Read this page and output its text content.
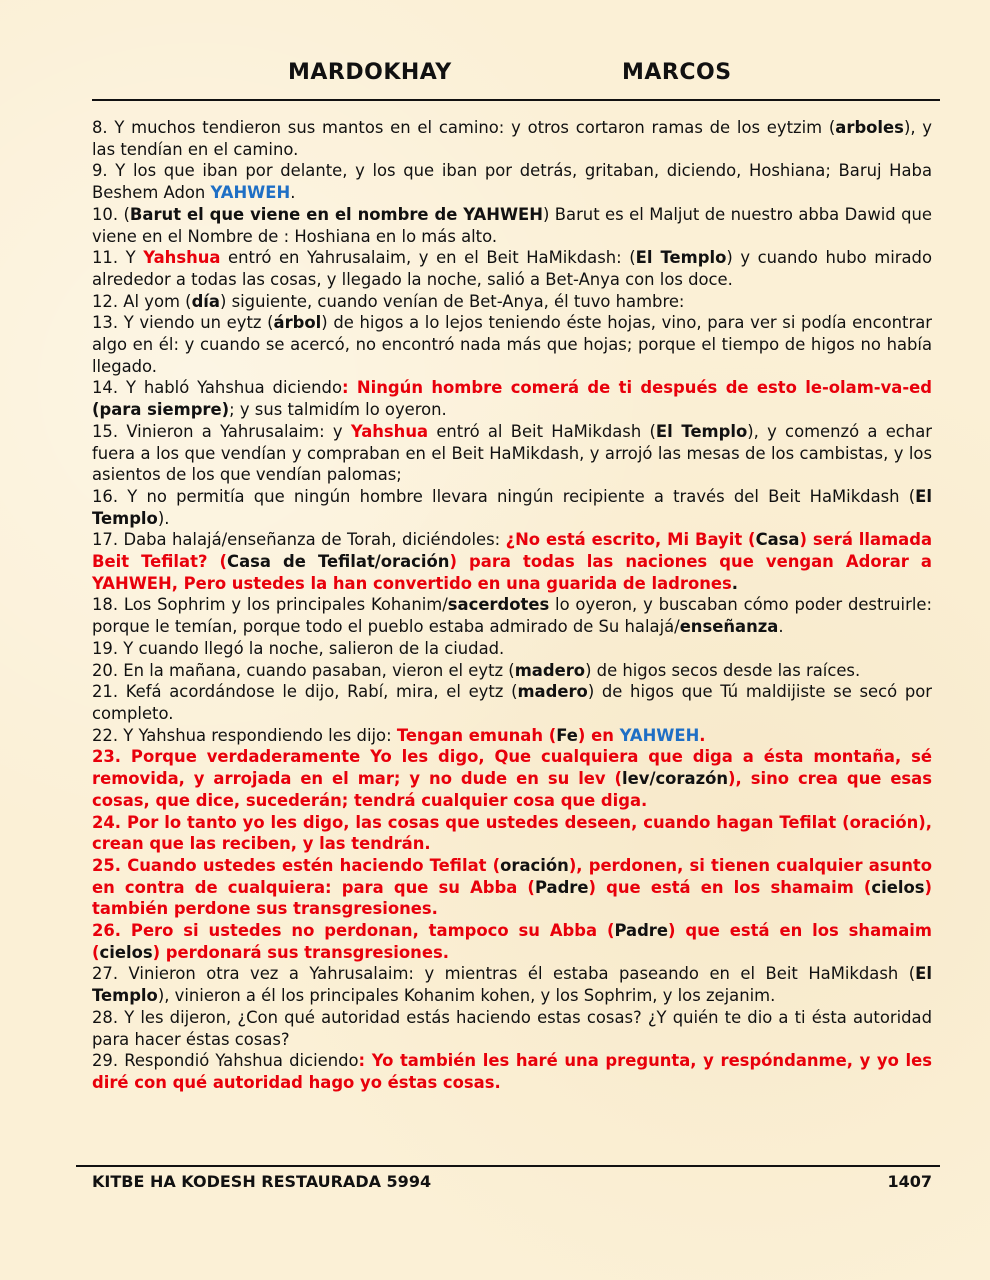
MARDOKHAY	MARCOS

8. Y muchos tendieron sus mantos en el camino: y otros cortaron ramas de los eytzim (arboles), y las tendían en el camino.

9. Y los que iban por delante, y los que iban por detrás, gritaban, diciendo, Hoshiana; Baruj Haba Beshem Adon YAHWEH.

10. (Barut el que viene en el nombre de YAHWEH) Barut es el Maljut de nuestro abba Dawid que viene en el Nombre de : Hoshiana en lo más alto.

11. Y Yahshua entró en Yahrusalaim, y en el Beit HaMikdash: (El Templo) y cuando hubo mirado alrededor a todas las cosas, y llegado la noche, salió a Bet-Anya con los doce.

12. Al yom (día) siguiente, cuando venían de Bet-Anya, él tuvo hambre:

13. Y viendo un eytz (árbol) de higos a lo lejos teniendo éste hojas, vino, para ver si podía encontrar algo en él: y cuando se acercó, no encontró nada más que hojas; porque el tiempo de higos no había llegado.

14. Y habló Yahshua diciendo: Ningún hombre comerá de ti después de esto le-olam-va-ed (para siempre); y sus talmidím lo oyeron.

15. Vinieron a Yahrusalaim: y Yahshua entró al Beit HaMikdash (El Templo), y comenzó a echar fuera a los que vendían y compraban en el Beit HaMikdash, y arrojó las mesas de los cambistas, y los asientos de los que vendían palomas;

16. Y no permitía que ningún hombre llevara ningún recipiente a través del Beit HaMikdash (El Templo).

17. Daba halajá/enseñanza de Torah, diciéndoles: ¿No está escrito, Mi Bayit (Casa) será llamada Beit Tefilat? (Casa de Tefilat/oración) para todas las naciones que vengan Adorar a YAHWEH, Pero ustedes la han convertido en una guarida de ladrones.

18. Los Sophrim y los principales Kohanim/sacerdotes lo oyeron, y buscaban cómo poder destruirle: porque le temían, porque todo el pueblo estaba admirado de Su halajá/enseñanza.

19. Y cuando llegó la noche, salieron de la ciudad.

20. En la mañana, cuando pasaban, vieron el eytz (madero) de higos secos desde las raíces.

21. Kefá acordándose le dijo, Rabí, mira, el eytz (madero) de higos que Tú maldijiste se secó por completo.

22. Y Yahshua respondiendo les dijo: Tengan emunah (Fe) en YAHWEH.

23. Porque verdaderamente Yo les digo, Que cualquiera que diga a ésta montaña, sé removida, y arrojada en el mar; y no dude en su lev (lev/corazón), sino crea que esas cosas, que dice, sucederán; tendrá cualquier cosa que diga.

24. Por lo tanto yo les digo, las cosas que ustedes deseen, cuando hagan Tefilat (oración), crean que las reciben, y las tendrán.

25. Cuando ustedes estén haciendo Tefilat (oración), perdonen, si tienen cualquier asunto en contra de cualquiera: para que su Abba (Padre) que está en los shamaim (cielos) también perdone sus transgresiones.

26. Pero si ustedes no perdonan, tampoco su Abba (Padre) que está en los shamaim (cielos) perdonará sus transgresiones.

27. Vinieron otra vez a Yahrusalaim: y mientras él estaba paseando en el Beit HaMikdash (El Templo), vinieron a él los principales Kohanim kohen, y los Sophrim, y los zejanim.

28. Y les dijeron, ¿Con qué autoridad estás haciendo estas cosas? ¿Y quién te dio a ti ésta autoridad para hacer éstas cosas?

29. Respondió Yahshua diciendo: Yo también les haré una pregunta, y respóndanme, y yo les diré con qué autoridad hago yo éstas cosas.

KITBE HA KODESH RESTAURADA 5994	1407
